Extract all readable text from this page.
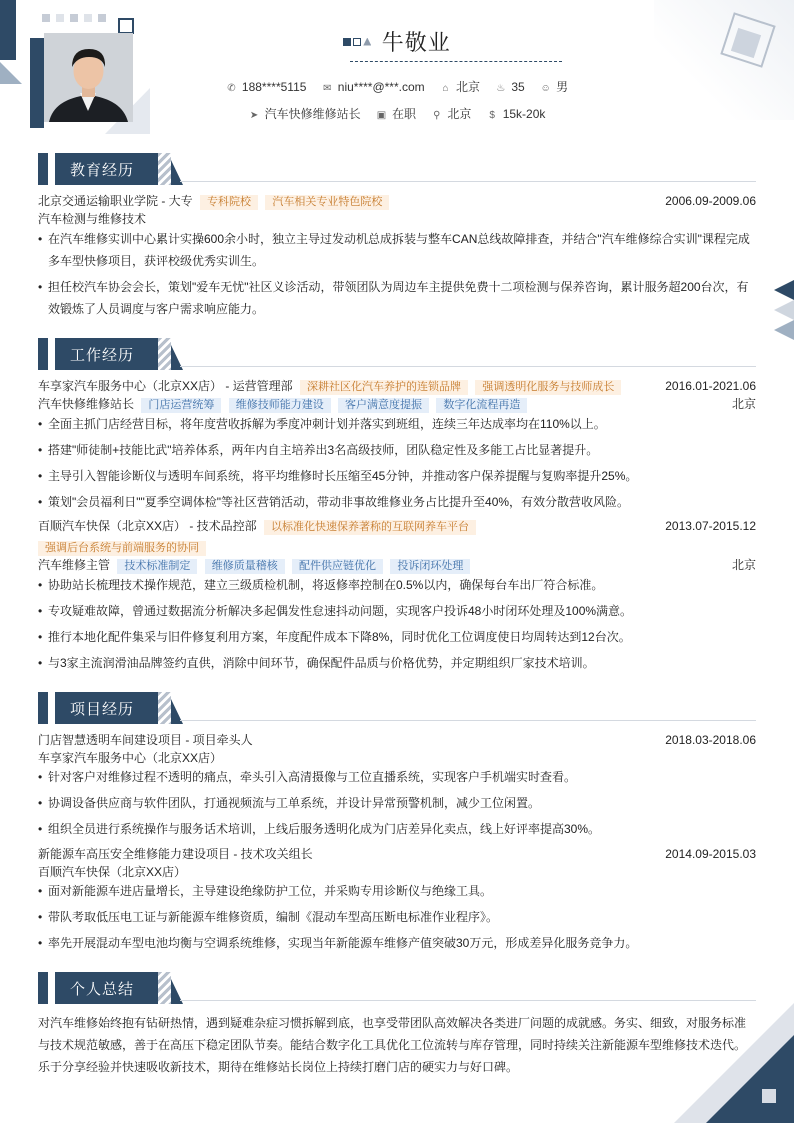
牛敬业
✆ 188****5115 ✉ niu****@***.com ⌂ 北京 ♨ 35 ☺ 男
➤ 汽车快修维修站长 ▣ 在职 ⚲ 北京 $ 15k-20k
教育经历
北京交通运输职业学院 - 大专 专科院校 汽车相关专业特色院校	2006.09-2009.06
汽车检测与维修技术
• 在汽车维修实训中心累计实操600余小时，独立主导过发动机总成拆装与整车CAN总线故障排查，并结合"汽车维修综合实训"课程完成
多车型快修项目，获评校级优秀实训生。
• 担任校汽车协会会长，策划"爱车无忧"社区义诊活动，带领团队为周边车主提供免费十二项检测与保养咨询，累计服务超200台次，有
效锻炼了人员调度与客户需求响应能力。
工作经历
车享家汽车服务中心（北京XX店） - 运营管理部 深耕社区化汽车养护的连锁品牌 强调透明化服务与技师成长	2016.01-2021.06
汽车快修维修站长 门店运营统筹 维修技师能力建设 客户满意度提振 数字化流程再造	北京
• 全面主抓门店经营目标，将年度营收拆解为季度冲刺计划并落实到班组，连续三年达成率均在110%以上。
• 搭建"师徒制+技能比武"培养体系，两年内自主培养出3名高级技师，团队稳定性及多能工占比显著提升。
• 主导引入智能诊断仪与透明车间系统，将平均维修时长压缩至45分钟，并推动客户保养提醒与复购率提升25%。
• 策划"会员福利日""夏季空调体检"等社区营销活动，带动非事故维修业务占比提升至40%，有效分散营收风险。
百顺汽车快保（北京XX店） - 技术品控部 以标准化快速保养著称的互联网养车平台	2013.07-2015.12
强调后台系统与前端服务的协同
汽车维修主管 技术标准制定 维修质量稽核 配件供应链优化 投诉闭环处理	北京
• 协助站长梳理技术操作规范，建立三级质检机制，将返修率控制在0.5%以内，确保每台车出厂符合标准。
• 专攻疑难故障，曾通过数据流分析解决多起偶发性怠速抖动问题，实现客户投诉48小时闭环处理及100%满意。
• 推行本地化配件集采与旧件修复利用方案，年度配件成本下降8%，同时优化工位调度使日均周转达到12台次。
• 与3家主流润滑油品牌签约直供，消除中间环节，确保配件品质与价格优势，并定期组织厂家技术培训。
项目经历
门店智慧透明车间建设项目 - 项目牵头人	2018.03-2018.06
车享家汽车服务中心（北京XX店）
• 针对客户对维修过程不透明的痛点，牵头引入高清摄像与工位直播系统，实现客户手机端实时查看。
• 协调设备供应商与软件团队，打通视频流与工单系统，并设计异常预警机制，减少工位闲置。
• 组织全员进行系统操作与服务话术培训，上线后服务透明化成为门店差异化卖点，线上好评率提高30%。
新能源车高压安全维修能力建设项目 - 技术攻关组长	2014.09-2015.03
百顺汽车快保（北京XX店）
• 面对新能源车进店量增长，主导建设绝缘防护工位，并采购专用诊断仪与绝缘工具。
• 带队考取低压电工证与新能源车维修资质，编制《混动车型高压断电标准作业程序》。
• 率先开展混动车型电池均衡与空调系统维修，实现当年新能源车维修产值突破30万元，形成差异化服务竞争力。
个人总结
对汽车维修始终抱有钻研热情，遇到疑难杂症习惯拆解到底，也享受带团队高效解决各类进厂问题的成就感。务实、细致，对服务标准
与技术规范敏感，善于在高压下稳定团队节奏。能结合数字化工具优化工位流转与库存管理，同时持续关注新能源车型维修技术迭代。
乐于分享经验并快速吸收新技术，期待在维修站长岗位上持续打磨门店的硬实力与好口碑。
